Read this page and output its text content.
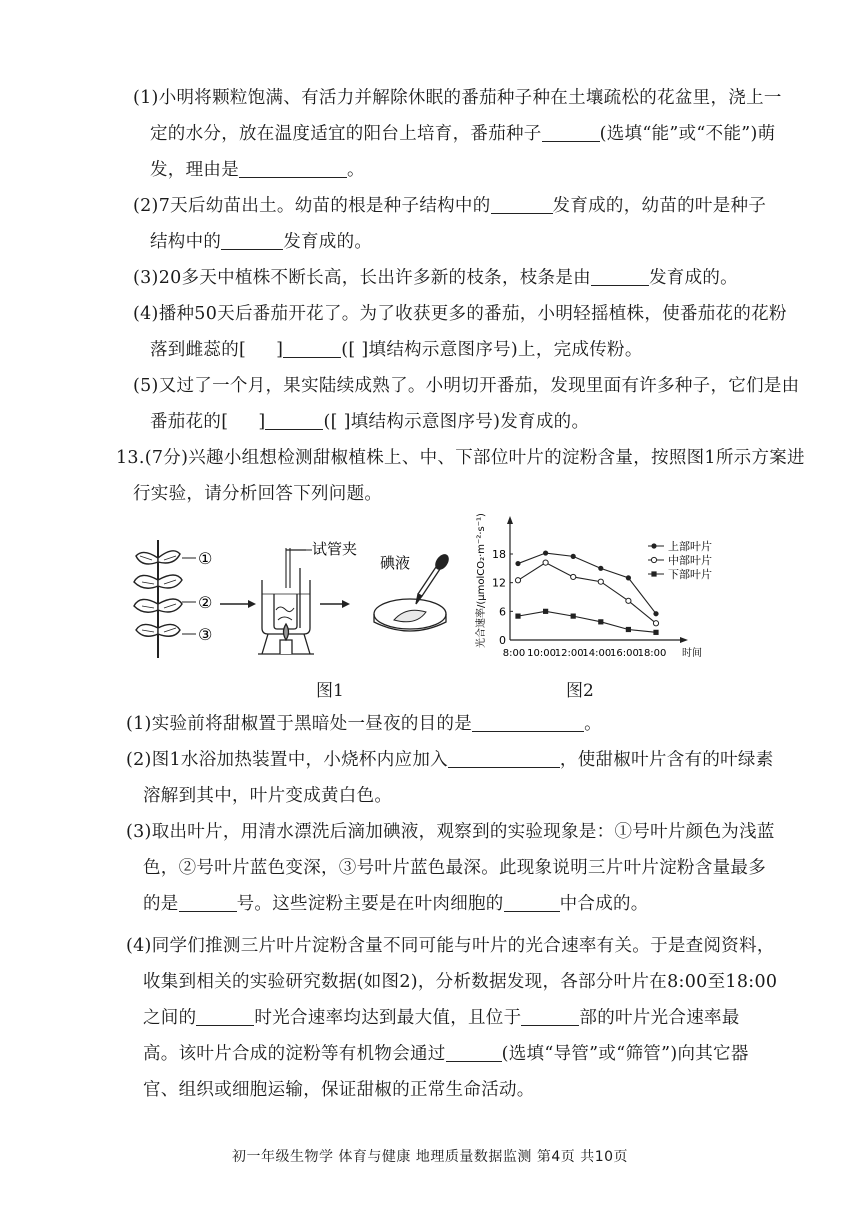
(1)小明将颗粒饱满、有活力并解除休眠的番茄种子种在土壤疏松的花盆里，浇上一
定的水分，放在温度适宜的阳台上培育，番茄种子	(选填“能”或“不能”)萌
发，理由是	。
(2)7天后幼苗出土。幼苗的根是种子结构中的	发育成的，幼苗的叶是种子
结构中的	发育成的。
(3)20多天中植株不断长高，长出许多新的枝条，枝条是由	发育成的。
(4)播种50天后番茄开花了。为了收获更多的番茄，小明轻摇植株，使番茄花的花粉
落到雌蕊的[ ]	([ ]填结构示意图序号)上，完成传粉。
(5)又过了一个月，果实陆续成熟了。小明切开番茄，发现里面有许多种子，它们是由
番茄花的[ ]	([ ]填结构示意图序号)发育成的。
13.(7分)兴趣小组想检测甜椒植株上、中、下部位叶片的淀粉含量，按照图1所示方案进
行实验，请分析回答下列问题。
①
②
③
试管夹
碘液
0
6
12
18
8:00 10:00
12:00
14:00
16:00
18:00 时间
光合速率/(μmolCO₂·m⁻²·s⁻¹)	上部叶片
中部叶片
下部叶片
图1	图2
(1)实验前将甜椒置于黑暗处一昼夜的目的是	。
(2)图1水浴加热装置中，小烧杯内应加入	，使甜椒叶片含有的叶绿素
溶解到其中，叶片变成黄白色。
(3)取出叶片，用清水漂洗后滴加碘液，观察到的实验现象是：①号叶片颜色为浅蓝
色，②号叶片蓝色变深，③号叶片蓝色最深。此现象说明三片叶片淀粉含量最多
的是	号。这些淀粉主要是在叶肉细胞的	中合成的。
(4)同学们推测三片叶片淀粉含量不同可能与叶片的光合速率有关。于是查阅资料，
收集到相关的实验研究数据(如图2)，分析数据发现，各部分叶片在8:00至18:00
之间的	时光合速率均达到最大值，且位于	部的叶片光合速率最
高。该叶片合成的淀粉等有机物会通过	(选填“导管”或“筛管”)向其它器
官、组织或细胞运输，保证甜椒的正常生命活动。
初一年级生物学 体育与健康 地理质量数据监测 第4页 共10页
